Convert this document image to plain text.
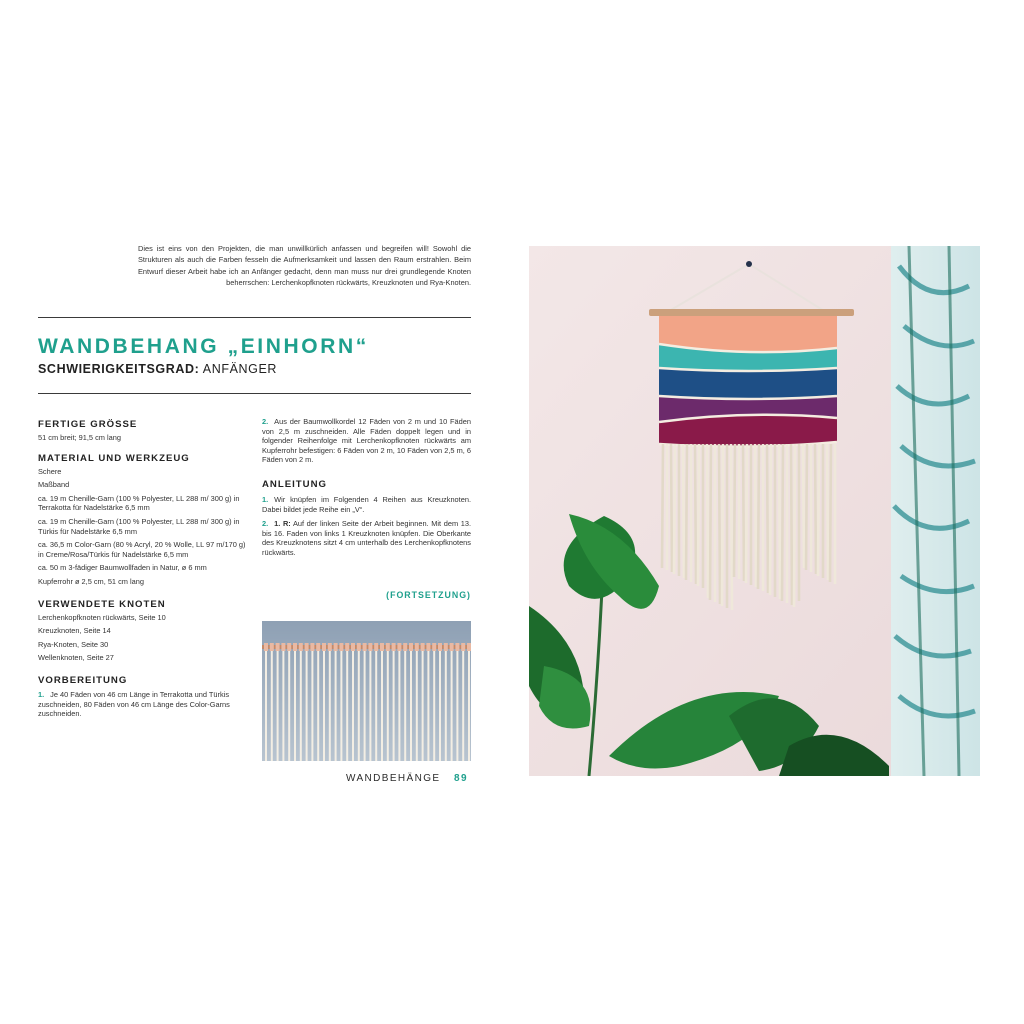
Dies ist eins von den Projekten, die man unwillkürlich anfassen und begreifen will! Sowohl die Strukturen als auch die Farben fesseln die Aufmerksamkeit und lassen den Raum erstrahlen. Beim Entwurf dieser Arbeit habe ich an Anfänger gedacht, denn man muss nur drei grundlegende Knoten beherrschen: Lerchenkopfknoten rückwärts, Kreuzknoten und Rya-Knoten.
WANDBEHANG „EINHORN“
SCHWIERIGKEITSGRAD: ANFÄNGER
FERTIGE GRÖSSE
51 cm breit; 91,5 cm lang
MATERIAL UND WERKZEUG
Schere
Maßband
ca. 19 m Chenille-Garn (100 % Polyester, LL 288 m/ 300 g) in Terrakotta für Nadelstärke 6,5 mm
ca. 19 m Chenille-Garn (100 % Polyester, LL 288 m/ 300 g) in Türkis für Nadelstärke 6,5 mm
ca. 36,5 m Color-Garn (80 % Acryl, 20 % Wolle, LL 97 m/170 g) in Creme/Rosa/Türkis für Nadelstärke 6,5 mm
ca. 50 m 3-fädiger Baumwollfaden in Natur, ø 6 mm
Kupferrohr ø 2,5 cm, 51 cm lang
VERWENDETE KNOTEN
Lerchenkopfknoten rückwärts, Seite 10
Kreuzknoten, Seite 14
Rya-Knoten, Seite 30
Wellenknoten, Seite 27
VORBEREITUNG
1. Je 40 Fäden von 46 cm Länge in Terrakotta und Türkis zuschneiden, 80 Fäden von 46 cm Länge des Color-Garns zuschneiden.
2. Aus der Baumwollkordel 12 Fäden von 2 m und 10 Fäden von 2,5 m zuschneiden. Alle Fäden doppelt legen und in folgender Reihenfolge mit Lerchenkopfknoten rückwärts am Kupferrohr befestigen: 6 Fäden von 2 m, 10 Fäden von 2,5 m, 6 Fäden von 2 m.
ANLEITUNG
1. Wir knüpfen im Folgenden 4 Reihen aus Kreuzknoten. Dabei bildet jede Reihe ein „V“.
2. 1. R: Auf der linken Seite der Arbeit beginnen. Mit dem 13. bis 16. Faden von links 1 Kreuzknoten knüpfen. Die Oberkante des Kreuzknotens sitzt 4 cm unterhalb des Lerchenkopfknotens rückwärts.
(FORTSETZUNG)
WANDBEHÄNGE 89
